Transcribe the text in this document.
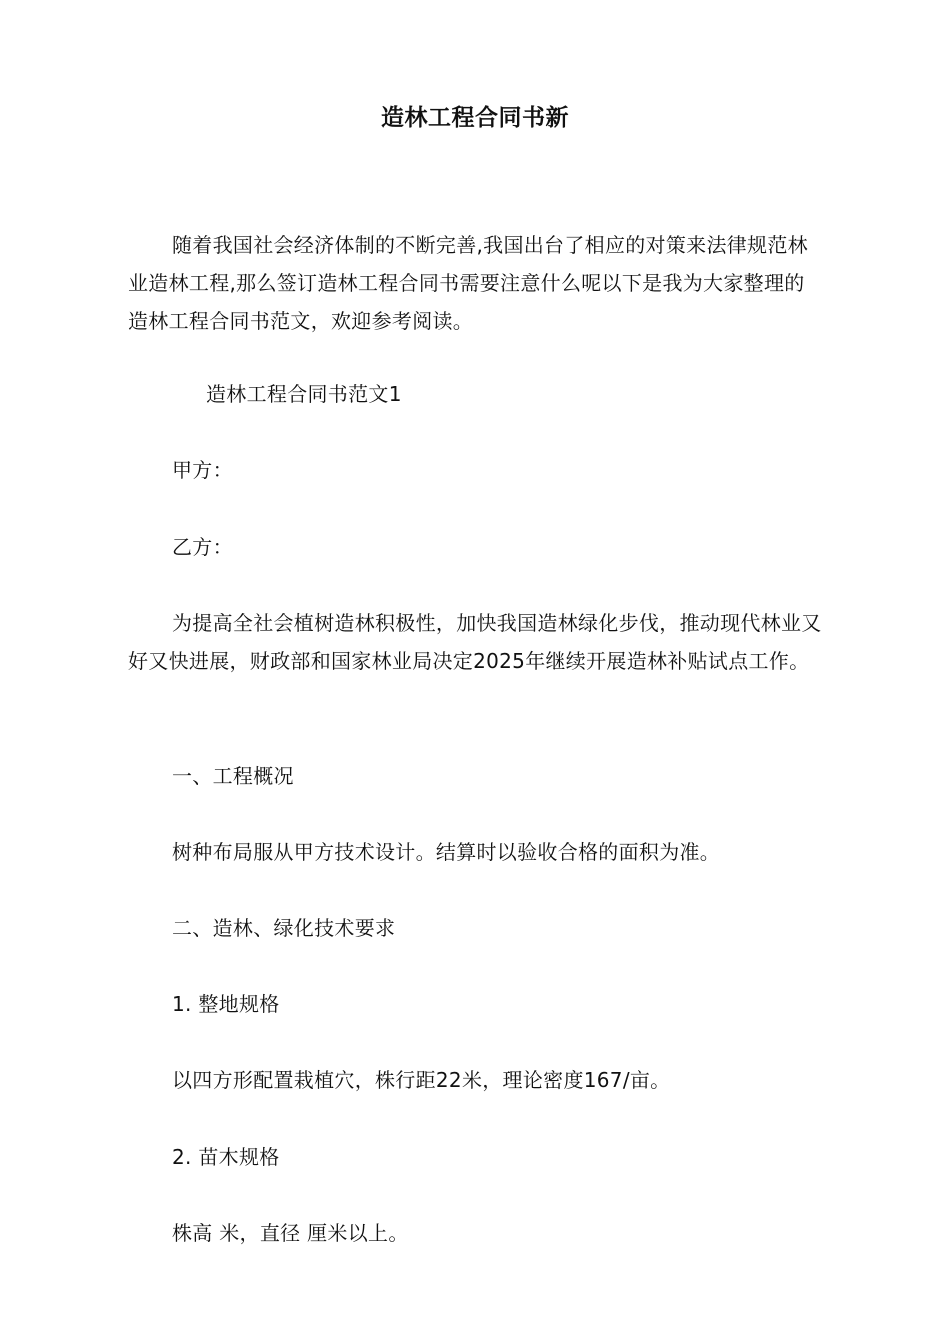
造林工程合同书新

随着我国社会经济体制的不断完善,我国出台了相应的对策来法律规范林业造林工程,那么签订造林工程合同书需要注意什么呢以下是我为大家整理的造林工程合同书范文，欢迎参考阅读。

造林工程合同书范文1
甲方：
乙方：

为提高全社会植树造林积极性，加快我国造林绿化步伐，推动现代林业又好又快进展，财政部和国家林业局决定2025年继续开展造林补贴试点工作。

一、工程概况
树种布局服从甲方技术设计。结算时以验收合格的面积为准。
二、造林、绿化技术要求
1. 整地规格
以四方形配置栽植穴，株行距22米，理论密度167/亩。
2. 苗木规格
株高 米，直径 厘米以上。
